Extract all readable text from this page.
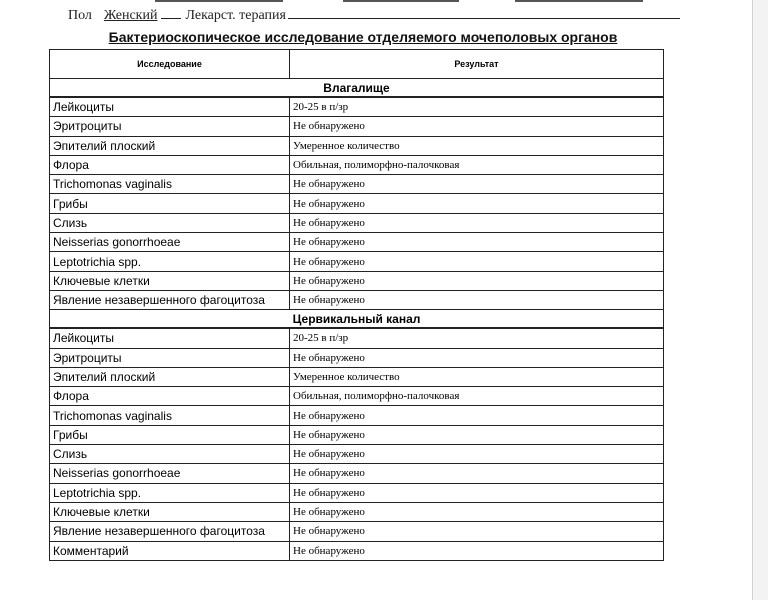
Пол Женский Лекарст. терапия
Бактериоскопическое исследование отделяемого мочеполовых органов
Исследование	Результат
Влагалище	
Лейкоциты	20-25 в п/зр
Эритроциты	Не обнаружено
Эпителий плоский	Умеренное количество
Флора	Обильная, полиморфно-палочковая
Trichomonas vaginalis	Не обнаружено
Грибы	Не обнаружено
Слизь	Не обнаружено
Neisserias gonorrhoeae	Не обнаружено
Leptotrichia spp.	Не обнаружено
Ключевые клетки	Не обнаружено
Явление незавершенного фагоцитоза	Не обнаружено
Цервикальный канал	
Лейкоциты	20-25 в п/зр
Эритроциты	Не обнаружено
Эпителий плоский	Умеренное количество
Флора	Обильная, полиморфно-палочковая
Trichomonas vaginalis	Не обнаружено
Грибы	Не обнаружено
Слизь	Не обнаружено
Neisserias gonorrhoeae	Не обнаружено
Leptotrichia spp.	Не обнаружено
Ключевые клетки	Не обнаружено
Явление незавершенного фагоцитоза	Не обнаружено
Комментарий	Не обнаружено
